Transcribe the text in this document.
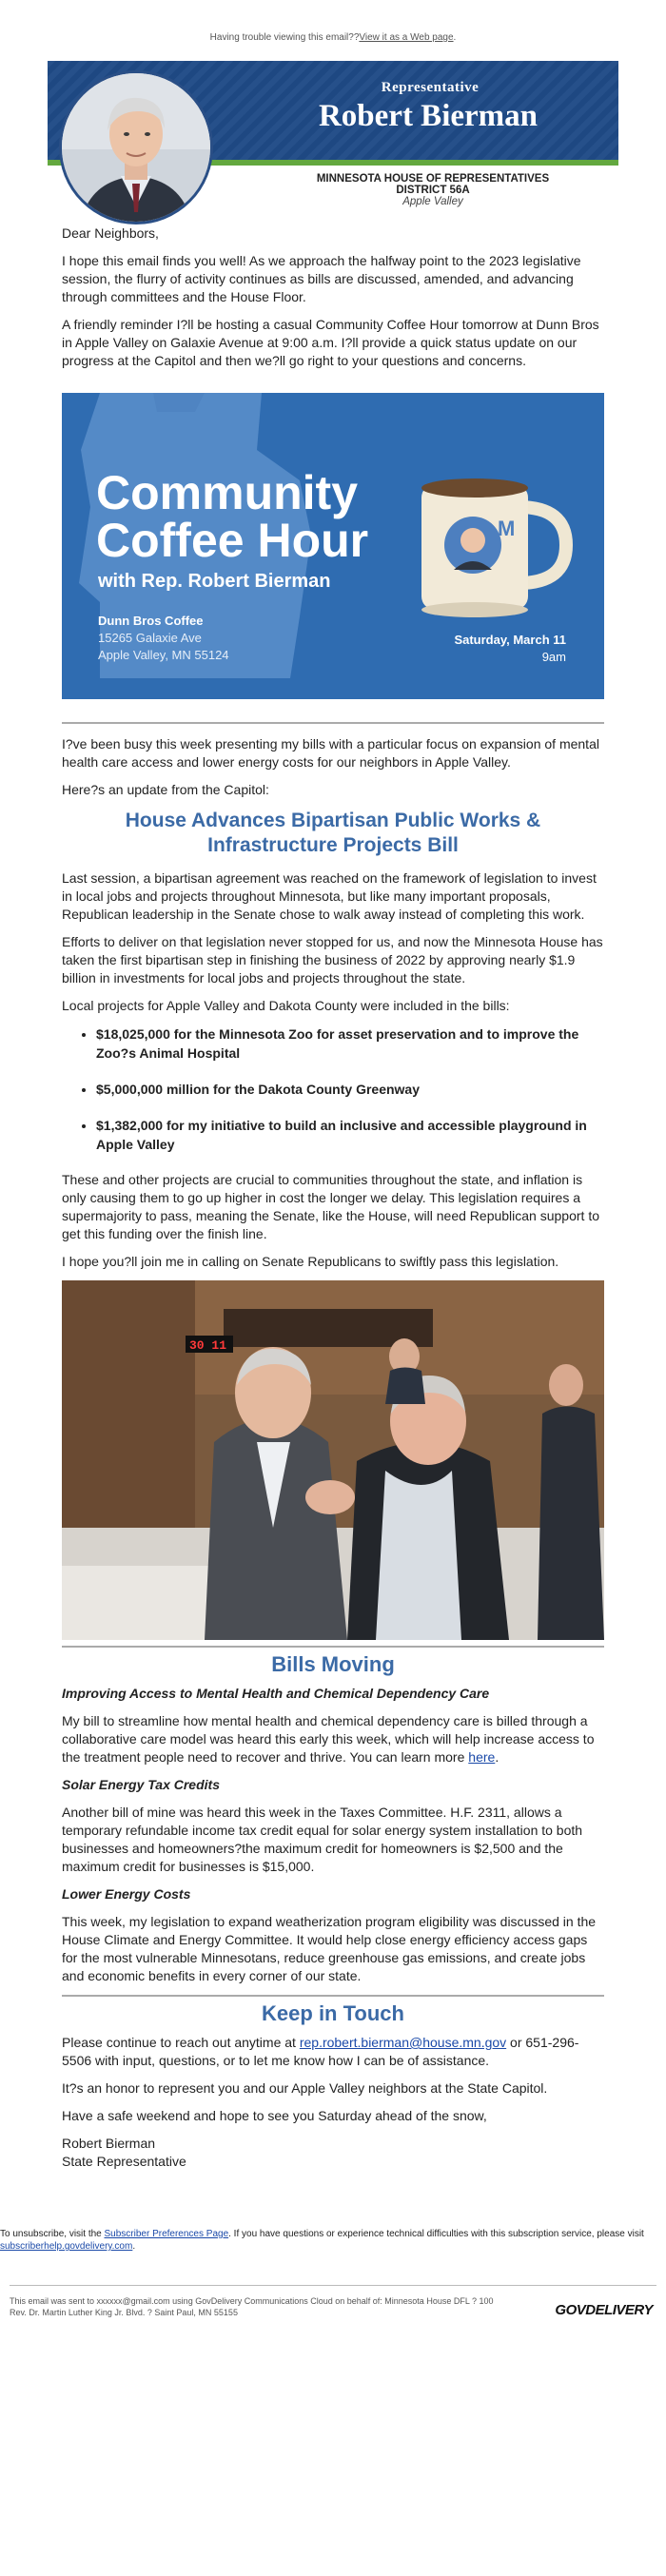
Having trouble viewing this email??View it as a Web page.
Representative
Robert Bierman
MINNESOTA HOUSE OF REPRESENTATIVES
DISTRICT 56A
Apple Valley

Dear Neighbors,

I hope this email finds you well! As we approach the halfway point to the 2023 legislative session, the flurry of activity continues as bills are discussed, amended, and advancing through committees and the House Floor.

A friendly reminder I?ll be hosting a casual Community Coffee Hour tomorrow at Dunn Bros in Apple Valley on Galaxie Avenue at 9:00 a.m. I?ll provide a quick status update on our progress at the Capitol and then we?ll go right to your questions and concerns.

Community
Coffee Hour
with Rep. Robert Bierman
Dunn Bros Coffee
15265 Galaxie Ave
Apple Valley, MN 55124
M
Saturday, March 11
9am

I?ve been busy this week presenting my bills with a particular focus on expansion of mental health care access and lower energy costs for our neighbors in Apple Valley.

Here?s an update from the Capitol:

House Advances Bipartisan Public Works & Infrastructure Projects Bill

Last session, a bipartisan agreement was reached on the framework of legislation to invest in local jobs and projects throughout Minnesota, but like many important proposals, Republican leadership in the Senate chose to walk away instead of completing this work.

Efforts to deliver on that legislation never stopped for us, and now the Minnesota House has taken the first bipartisan step in finishing the business of 2022 by approving nearly $1.9 billion in investments for local jobs and projects throughout the state.

Local projects for Apple Valley and Dakota County were included in the bills:

• $18,025,000 for the Minnesota Zoo for asset preservation and to improve the Zoo?s Animal Hospital
• $5,000,000 million for the Dakota County Greenway
• $1,382,000 for my initiative to build an inclusive and accessible playground in Apple Valley

These and other projects are crucial to communities throughout the state, and inflation is only causing them to go up higher in cost the longer we delay. This legislation requires a supermajority to pass, meaning the Senate, like the House, will need Republican support to get this funding over the finish line.

I hope you?ll join me in calling on Senate Republicans to swiftly pass this legislation.

30 11
Bills Moving

Improving Access to Mental Health and Chemical Dependency Care

My bill to streamline how mental health and chemical dependency care is billed through a collaborative care model was heard this early this week, which will help increase access to the treatment people need to recover and thrive. You can learn more here.

Solar Energy Tax Credits

Another bill of mine was heard this week in the Taxes Committee. H.F. 2311, allows a temporary refundable income tax credit equal for solar energy system installation to both businesses and homeowners?the maximum credit for homeowners is $2,500 and the maximum credit for businesses is $15,000.

Lower Energy Costs

This week, my legislation to expand weatherization program eligibility was discussed in the House Climate and Energy Committee. It would help close energy efficiency access gaps for the most vulnerable Minnesotans, reduce greenhouse gas emissions, and create jobs and economic benefits in every corner of our state.

Keep in Touch

Please continue to reach out anytime at rep.robert.bierman@house.mn.gov or 651-296-5506 with input, questions, or to let me know how I can be of assistance.

It?s an honor to represent you and our Apple Valley neighbors at the State Capitol.

Have a safe weekend and hope to see you Saturday ahead of the snow,

Robert Bierman
State Representative

To unsubscribe, visit the Subscriber Preferences Page. If you have questions or experience technical difficulties with this subscription service, please visit subscriberhelp.govdelivery.com.
This email was sent to xxxxxx@gmail.com using GovDelivery Communications Cloud on behalf of: Minnesota House DFL ? 100
Rev. Dr. Martin Luther King Jr. Blvd. ? Saint Paul, MN 55155	GOVDELIVERY
